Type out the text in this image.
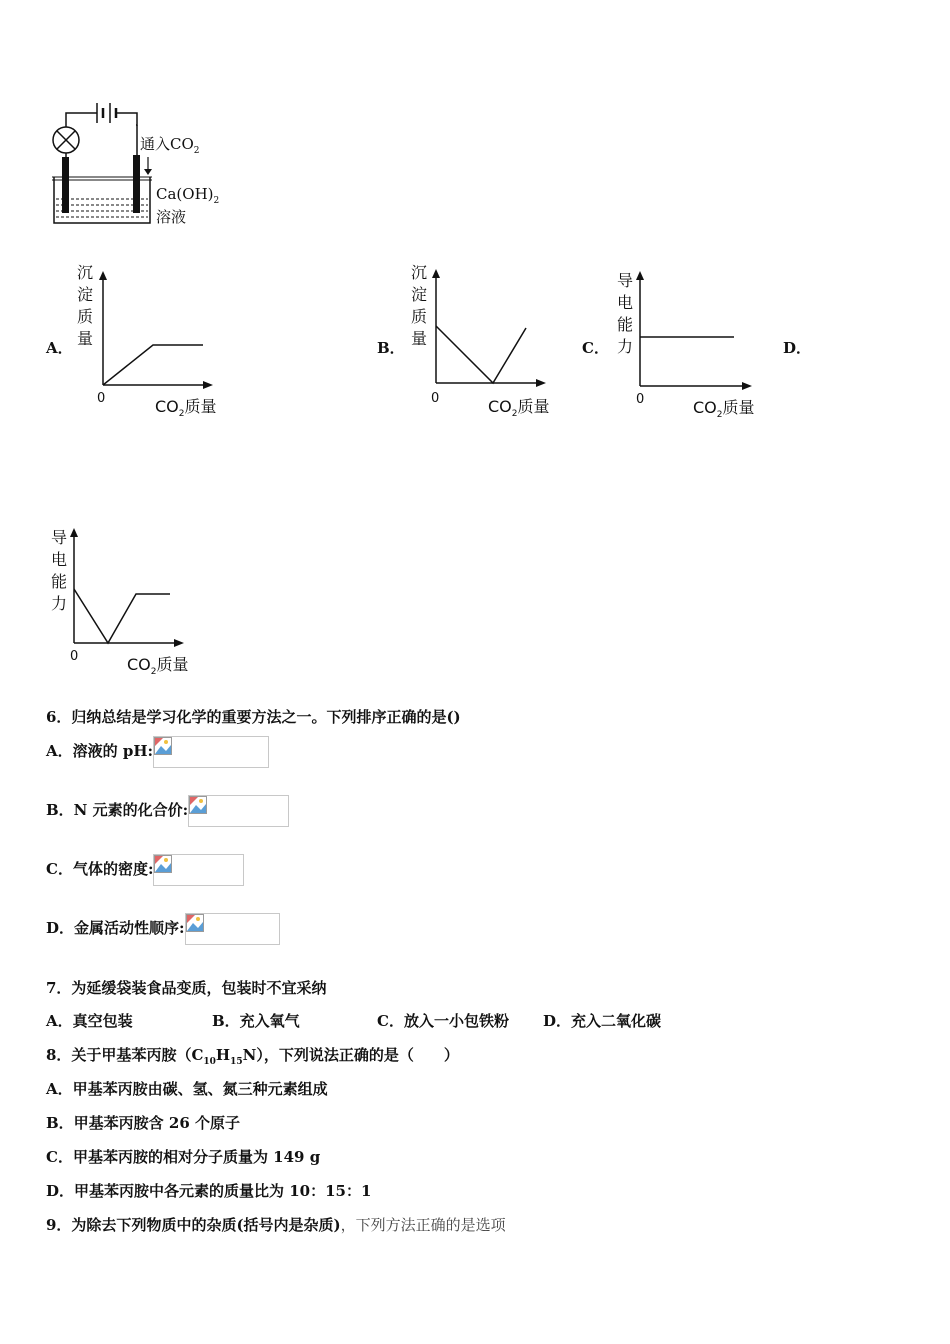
通入$CO_2$
$Ca(OH)_2$
溶液
A．
沉
淀
质
量
0	$CO_2$质量
B．
沉
淀
质
量
0	$CO_2$质量
C．
导
电
能
力
0	$CO_2$质量
D．
导
电
能
力
0	$CO_2$质量
6．归纳总结是学习化学的重要方法之一。下列排序正确的是()
A．溶液的 pH:
B．N 元素的化合价:
C．气体的密度:
D．金属活动性顺序:
7．为延缓袋装食品变质，包装时不宜采纳
A．真空包装	B．充入氧气	C．放入一小包铁粉 D．充入二氧化碳
8．关于甲基苯丙胺$(C_{10}H_{15}N)$，下列说法正确的是（　　）
A．甲基苯丙胺由碳、氢、氮三种元素组成
B．甲基苯丙胺含 26 个原子
C．甲基苯丙胺的相对分子质量为 149 g
D．甲基苯丙胺中各元素的质量比为 10：15：1
9．为除去下列物质中的杂质(括号内是杂质)，下列方法正确的是选项
